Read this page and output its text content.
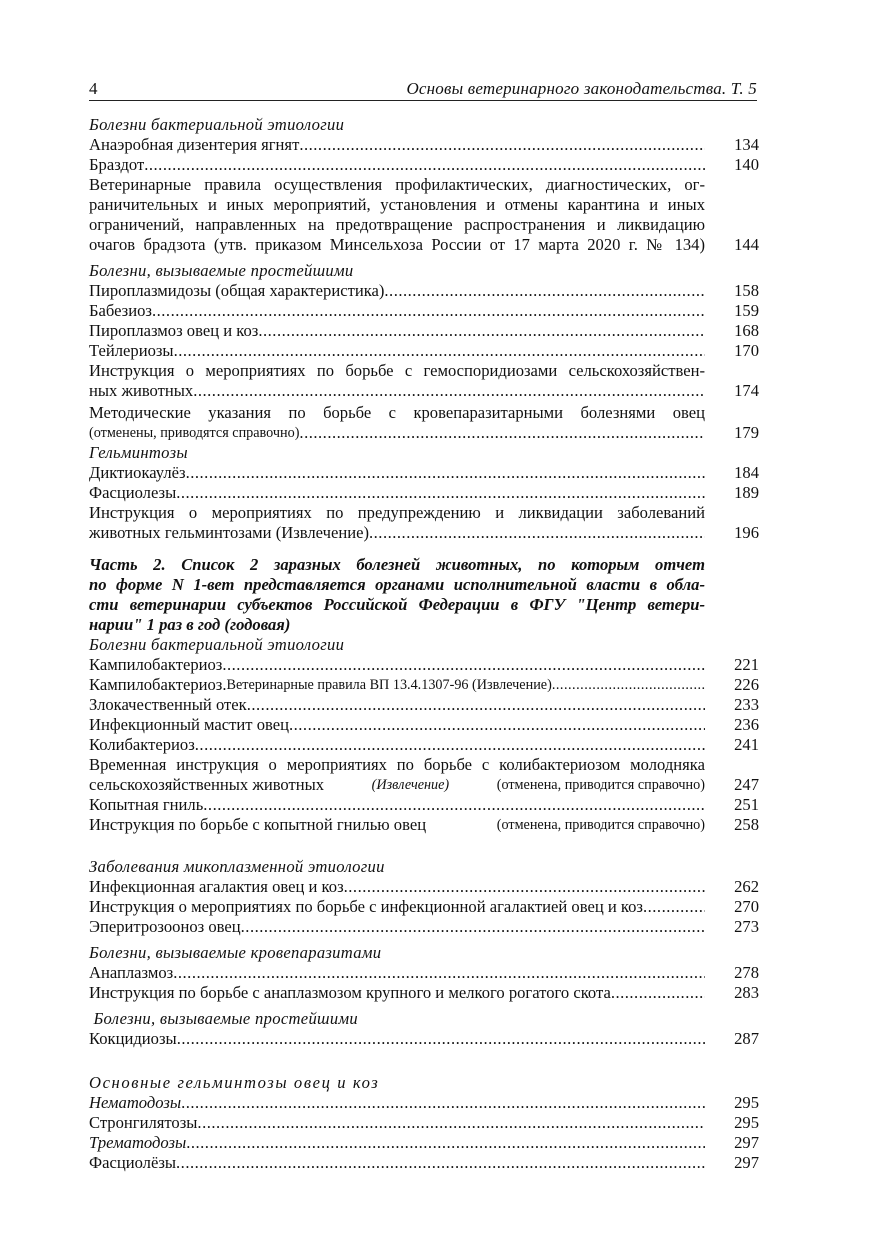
4	Основы ветеринарного законодательства. Т. 5
Болезни бактериальной этиологии
Анаэробная дизентерия ягнят .....	134
Браздот .....	140
Ветеринарные правила осуществления профилактических, диагностических, ог-
раничительных и иных мероприятий, установления и отмены карантина и иных
ограничений, направленных на предотвращение распространения и ликвидацию
очагов брадзота (утв. приказом Минсельхоза России от 17 марта 2020 г. № 134)	144
Болезни, вызываемые простейшими
Пироплазмидозы (общая характеристика) .....	158
Бабезиоз .....	159
Пироплазмоз овец и коз .....	168
Тейлериозы .....	170
Инструкция о мероприятиях по борьбе с гемоспоридиозами сельскохозяйствен-
ных животных .....	174
Методические указания по борьбе с кровепаразитарными болезнями овец
(отменены, приводятся справочно) .....	179
Гельминтозы
Диктиокаулёз .....	184
Фасциолезы .....	189
Инструкция о мероприятиях по предупреждению и ликвидации заболеваний
животных гельминтозами (Извлечение) .....	196
Часть 2. Список 2 заразных болезней животных, по которым отчет
по форме N 1-вет представляется органами исполнительной власти в обла-
сти ветеринарии субъектов Российской Федерации в ФГУ "Центр ветери-
нарии" 1 раз в год (годовая)
Болезни бактериальной этиологии
Кампилобактериоз .....	221
Кампилобактериоз. Ветеринарные правила ВП 13.4.1307-96 (Извлечение) .....	226
Злокачественный отек .....	233
Инфекционный мастит овец .....	236
Колибактериоз .....	241
Временная инструкция о мероприятиях по борьбе с колибактериозом молодняка
сельскохозяйственных животных	(Извлечение)	(отменена, приводится справочно)	247
Копытная гниль .....	251
Инструкция по борьбе с копытной гнилью овец	(отменена, приводится справочно)	258
Заболевания микоплазменной этиологии
Инфекционная агалактия овец и коз .....	262
Инструкция о мероприятиях по борьбе с инфекционной агалактией овец и коз .....	270
Эперитрозооноз овец .....	273
Болезни, вызываемые кровепаразитами
Анаплазмоз .....	278
Инструкция по борьбе с анаплазмозом крупного и мелкого рогатого скота .....	283
Болезни, вызываемые простейшими
Кокцидиозы .....	287
Основные гельминтозы овец и коз
Нематодозы .....	295
Стронгилятозы .....	295
Трематодозы .....	297
Фасциолёзы .....	297
